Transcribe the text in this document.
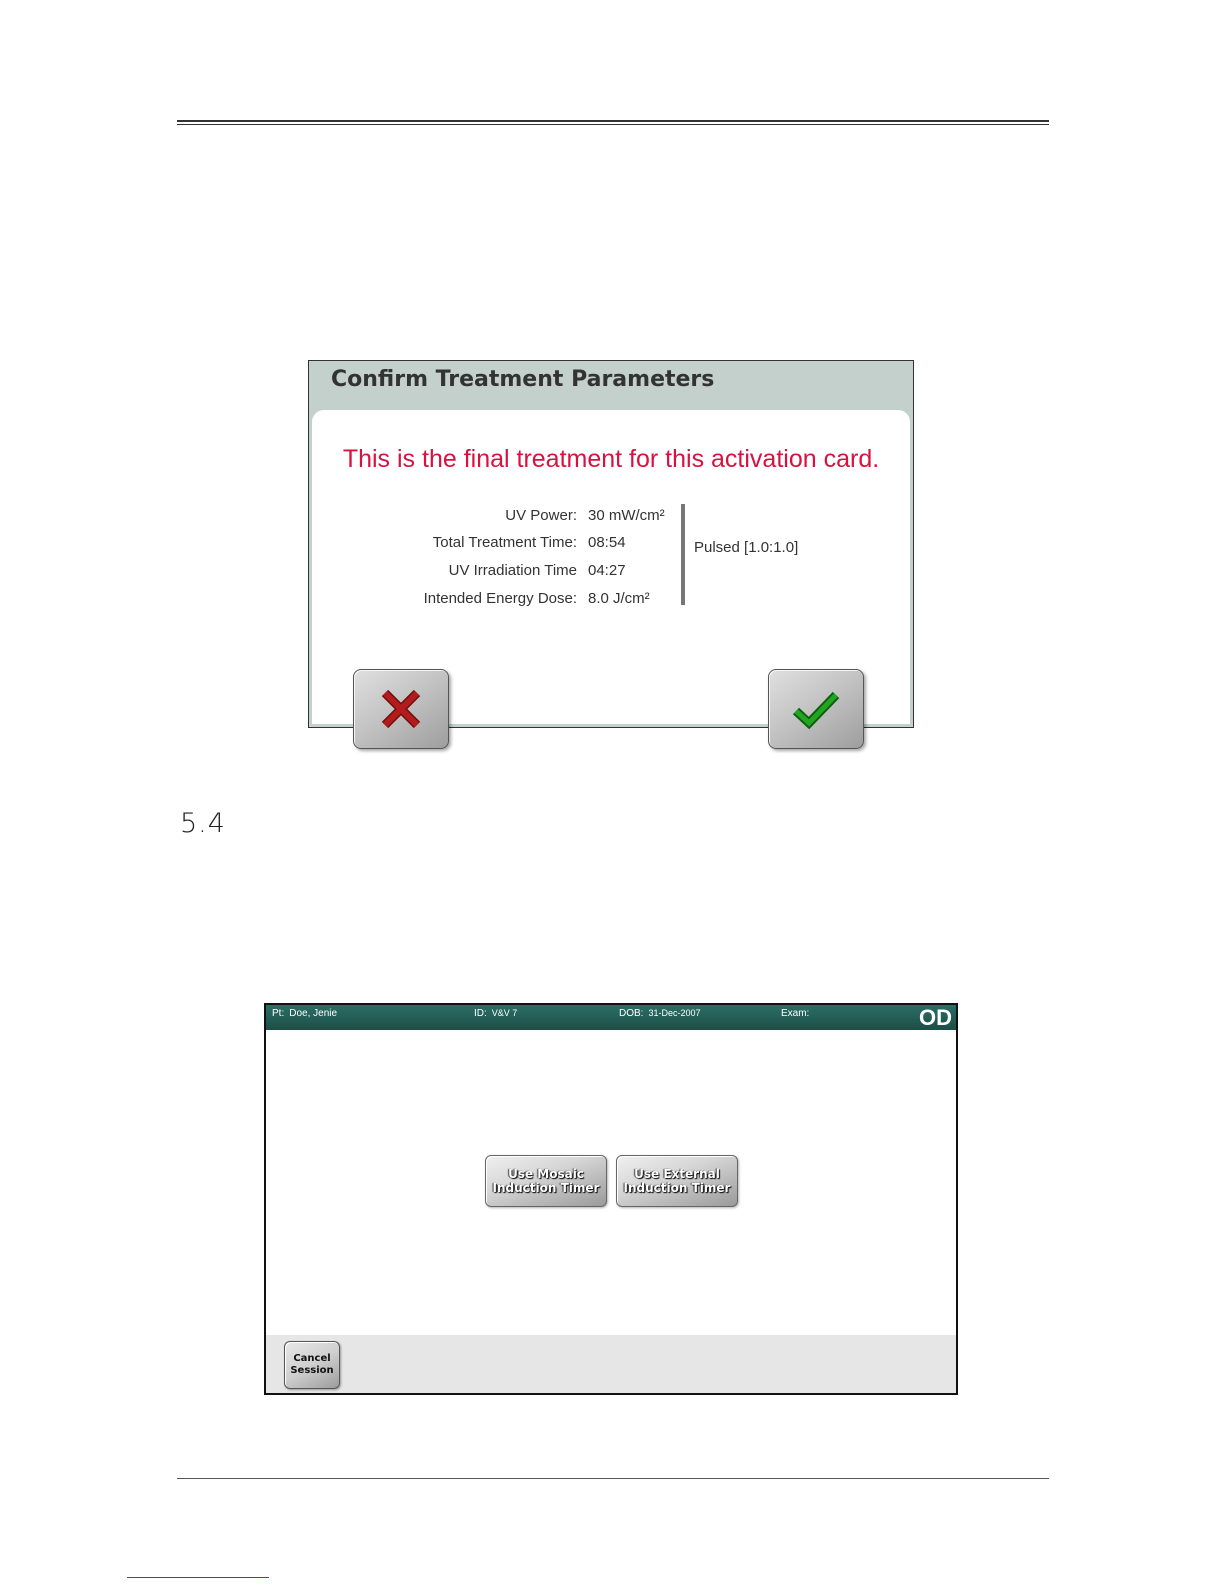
Confirm Treatment Parameters
This is the final treatment for this activation card.
UV Power: 30 mW/cm²
Total Treatment Time: 08:54
UV Irradiation Time 04:27
Intended Energy Dose: 8.0 J/cm²
Pulsed [1.0:1.0]
5.4
Pt: Doe, Jenie	ID: V&V 7	DOB: 31-Dec-2007	Exam:	OD
Use Mosaic
Induction Timer
Use External
Induction Timer
Cancel
Session
